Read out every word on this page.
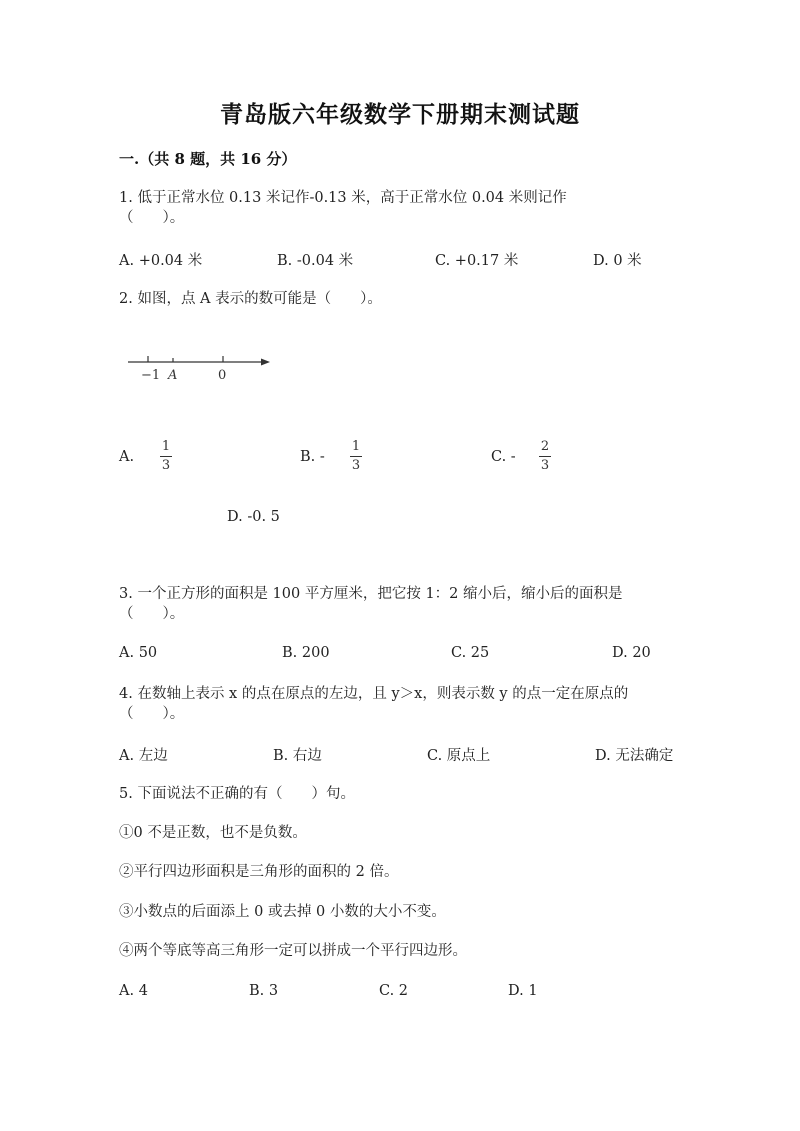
青岛版六年级数学下册期末测试题
一.（共 8 题，共 16 分）
1. 低于正常水位 0.13 米记作-0.13 米，高于正常水位 0.04 米则记作
（　　）。
A. +0.04 米	B. -0.04 米	C. +0.17 米	D. 0 米
2. 如图，点 A 表示的数可能是（　　）。
−1 A	0
A.
1
3
B. -
1
3
C. -
2
3
D. -0. 5
3. 一个正方形的面积是 100 平方厘米，把它按 1：2 缩小后，缩小后的面积是
（　　）。
A. 50	B. 200	C. 25	D. 20
4. 在数轴上表示 x 的点在原点的左边，且 y＞x，则表示数 y 的点一定在原点的
（　　）。
A. 左边	B. 右边	C. 原点上	D. 无法确定
5. 下面说法不正确的有（　　）句。
①0 不是正数，也不是负数。
②平行四边形面积是三角形的面积的 2 倍。
③小数点的后面添上 0 或去掉 0 小数的大小不变。
④两个等底等高三角形一定可以拼成一个平行四边形。
A. 4	B. 3	C. 2	D. 1
